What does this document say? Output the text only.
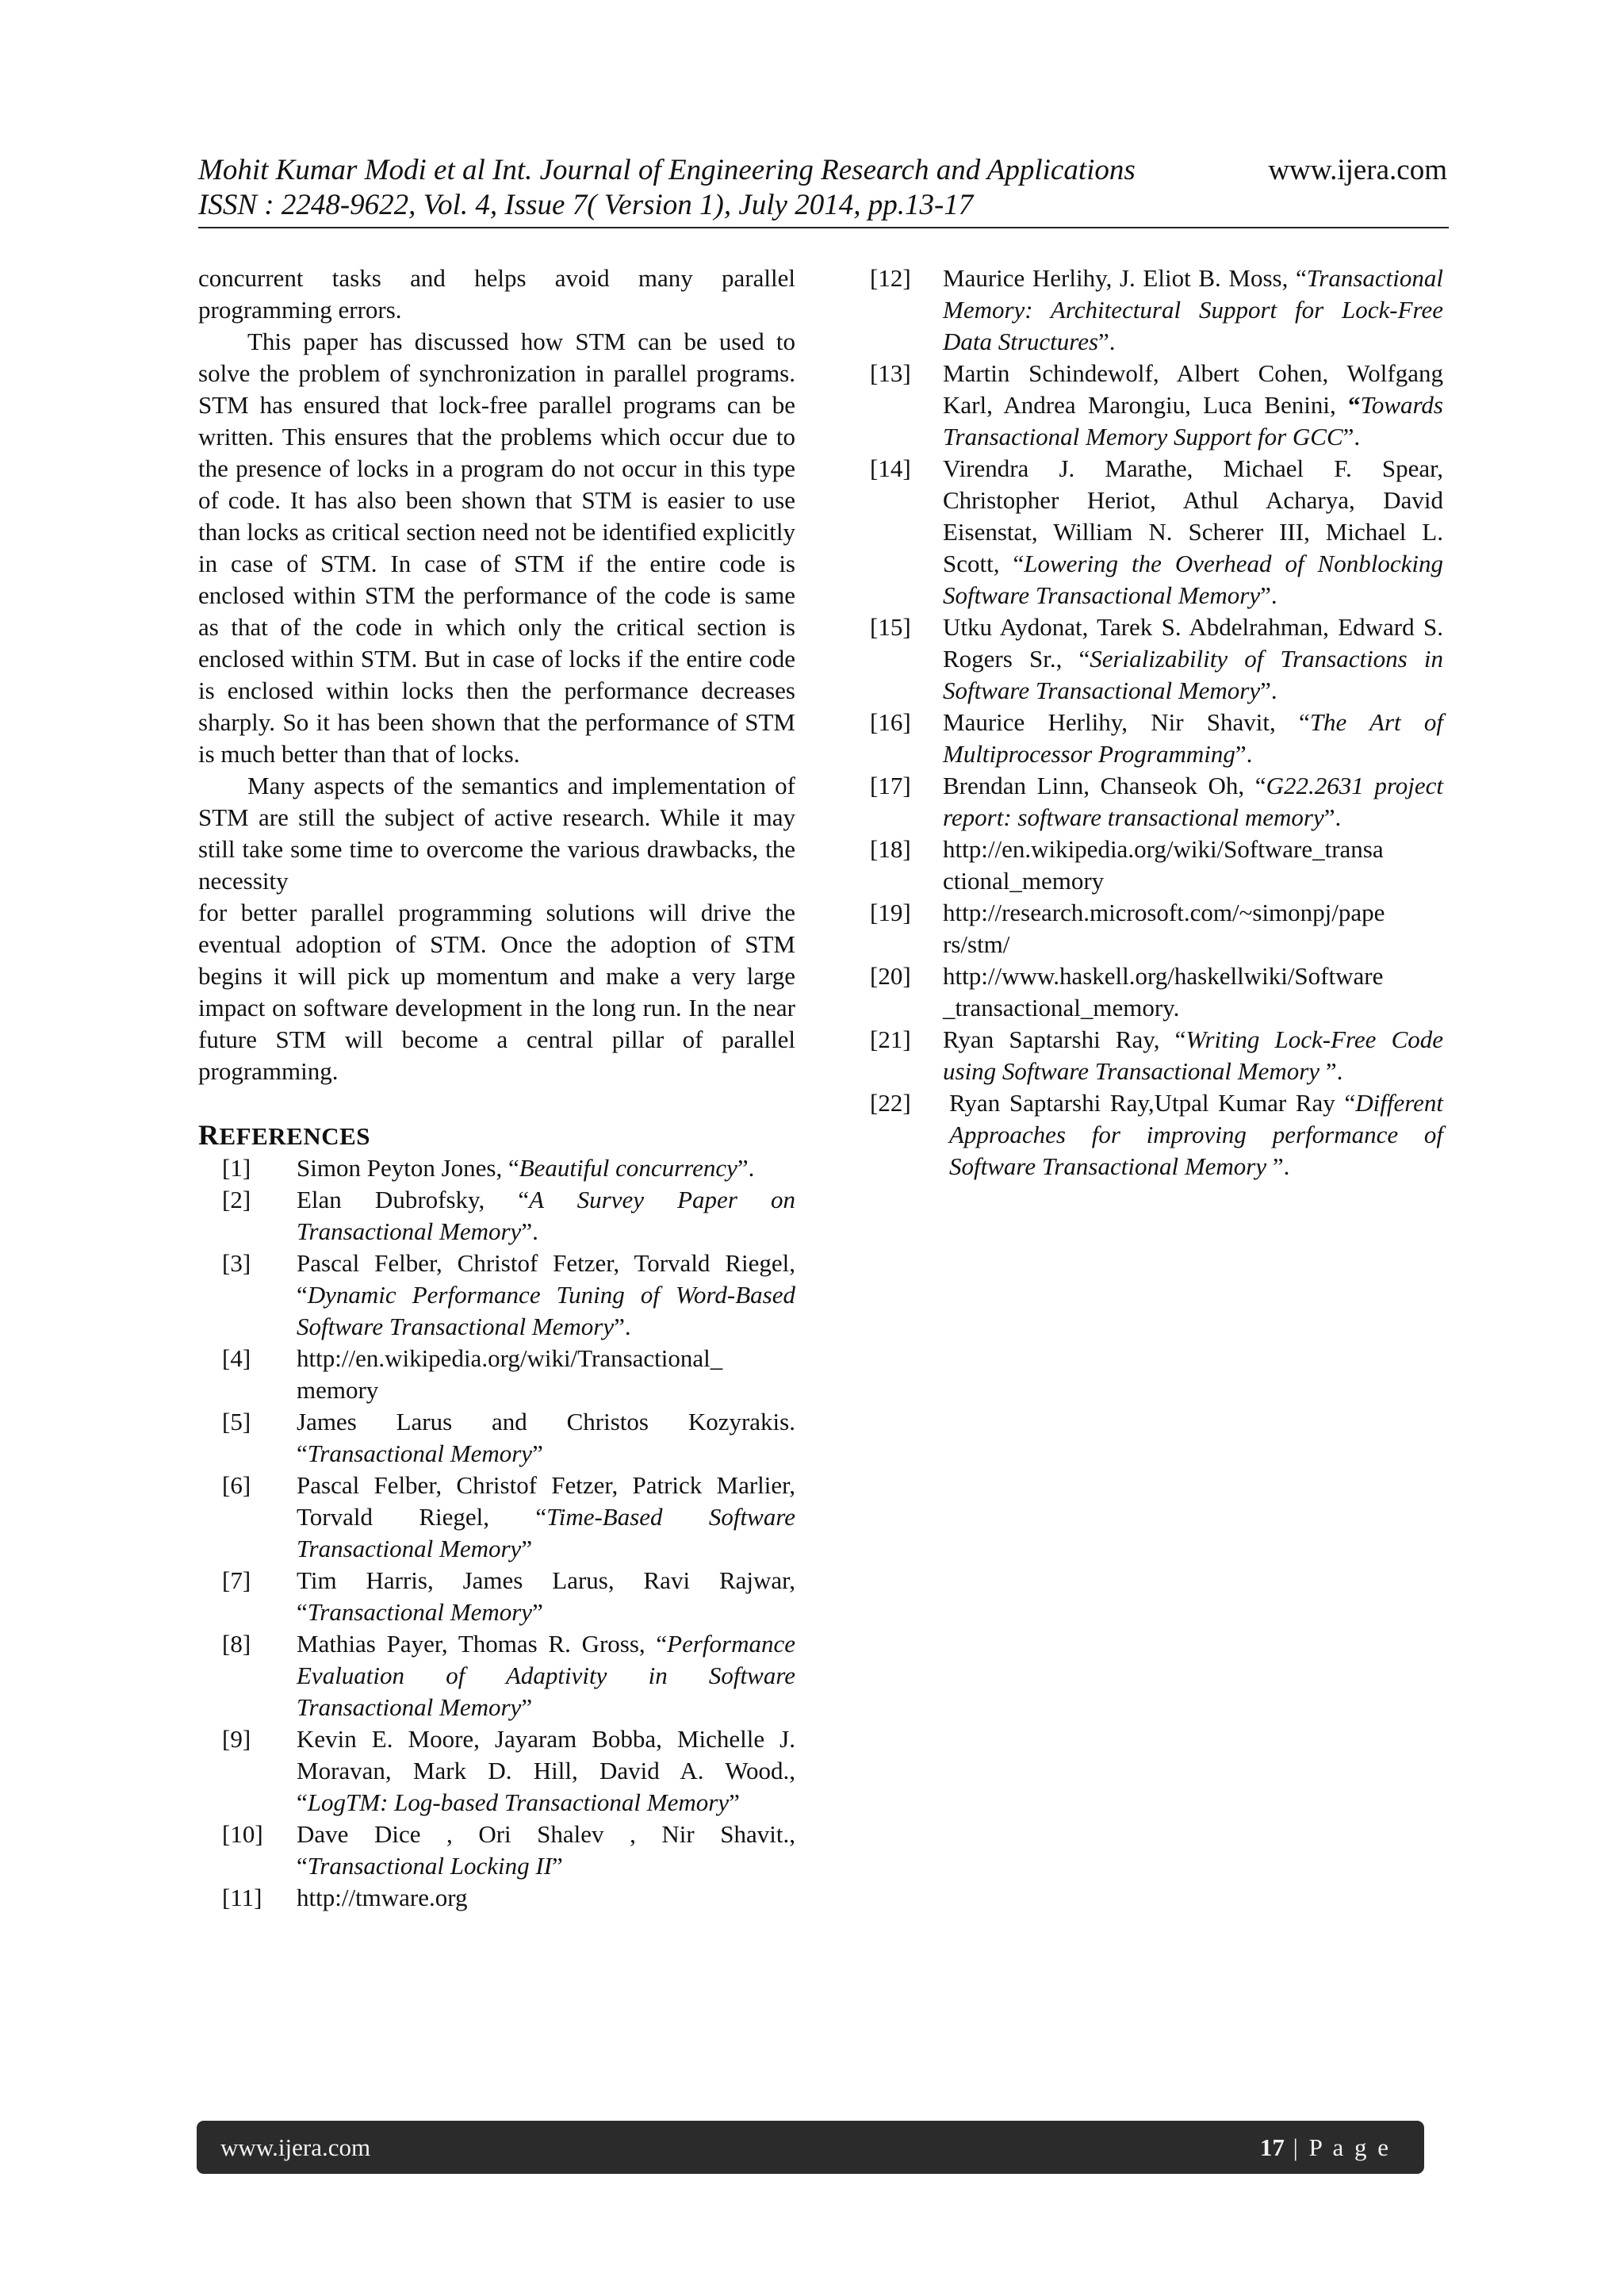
Mohit Kumar Modi et al Int. Journal of Engineering Research and Applications	www.ijera.com
ISSN : 2248-9622, Vol. 4, Issue 7( Version 1), July 2014, pp.13-17

concurrent tasks and helps avoid many parallel programming errors.

This paper has discussed how STM can be used to solve the problem of synchronization in parallel programs. STM has ensured that lock-free parallel programs can be written. This ensures that the problems which occur due to the presence of locks in a program do not occur in this type of code. It has also been shown that STM is easier to use than locks as critical section need not be identified explicitly in case of STM. In case of STM if the entire code is enclosed within STM the performance of the code is same as that of the code in which only the critical section is enclosed within STM. But in case of locks if the entire code is enclosed within locks then the performance decreases sharply. So it has been shown that the performance of STM is much better than that of locks.

Many aspects of the semantics and implementation of STM are still the subject of active research. While it may still take some time to overcome the various drawbacks, the necessity

for better parallel programming solutions will drive the eventual adoption of STM. Once the adoption of STM begins it will pick up momentum and make a very large impact on software development in the long run. In the near future STM will become a central pillar of parallel programming.

REFERENCES

[1]	Simon Peyton Jones, “Beautiful concurrency”.
[2]	Elan Dubrofsky, “A Survey Paper on Transactional Memory”.
[3]	Pascal Felber, Christof Fetzer, Torvald Riegel, “Dynamic Performance Tuning of Word-Based Software Transactional Memory”.
[4]	http://en.wikipedia.org/wiki/Transactional_ memory
[5]	James Larus and Christos Kozyrakis. “Transactional Memory”
[6]	Pascal Felber, Christof Fetzer, Patrick Marlier, Torvald Riegel, “Time-Based Software Transactional Memory”
[7]	Tim Harris, James Larus, Ravi Rajwar, “Transactional Memory”
[8]	Mathias Payer, Thomas R. Gross, “Performance Evaluation of Adaptivity in Software Transactional Memory”
[9]	Kevin E. Moore, Jayaram Bobba, Michelle J. Moravan, Mark D. Hill, David A. Wood., “LogTM: Log-based Transactional Memory”
[10]	Dave Dice , Ori Shalev , Nir Shavit., “Transactional Locking II”
[11]	http://tmware.org
[12]	Maurice Herlihy, J. Eliot B. Moss, “Transactional Memory: Architectural Support for Lock-Free Data Structures”.
[13]	Martin Schindewolf, Albert Cohen, Wolfgang Karl, Andrea Marongiu, Luca Benini, “Towards Transactional Memory Support for GCC”.
[14]	Virendra J. Marathe, Michael F. Spear, Christopher Heriot, Athul Acharya, David Eisenstat, William N. Scherer III, Michael L. Scott, “Lowering the Overhead of Nonblocking Software Transactional Memory”.
[15]	Utku Aydonat, Tarek S. Abdelrahman, Edward S. Rogers Sr., “Serializability of Transactions in Software Transactional Memory”.
[16]	Maurice Herlihy, Nir Shavit, “The Art of Multiprocessor Programming”.
[17]	Brendan Linn, Chanseok Oh, “G22.2631 project report: software transactional memory”.
[18]	http://en.wikipedia.org/wiki/Software_transa ctional_memory
[19]	http://research.microsoft.com/~simonpj/pape rs/stm/
[20]	http://www.haskell.org/haskellwiki/Software _transactional_memory.
[21]	Ryan Saptarshi Ray, “Writing Lock-Free Code using Software Transactional Memory ”.
[22]	Ryan Saptarshi Ray,Utpal Kumar Ray “Different Approaches for improving performance of Software Transactional Memory ”.
www.ijera.com	17 | P a g e
